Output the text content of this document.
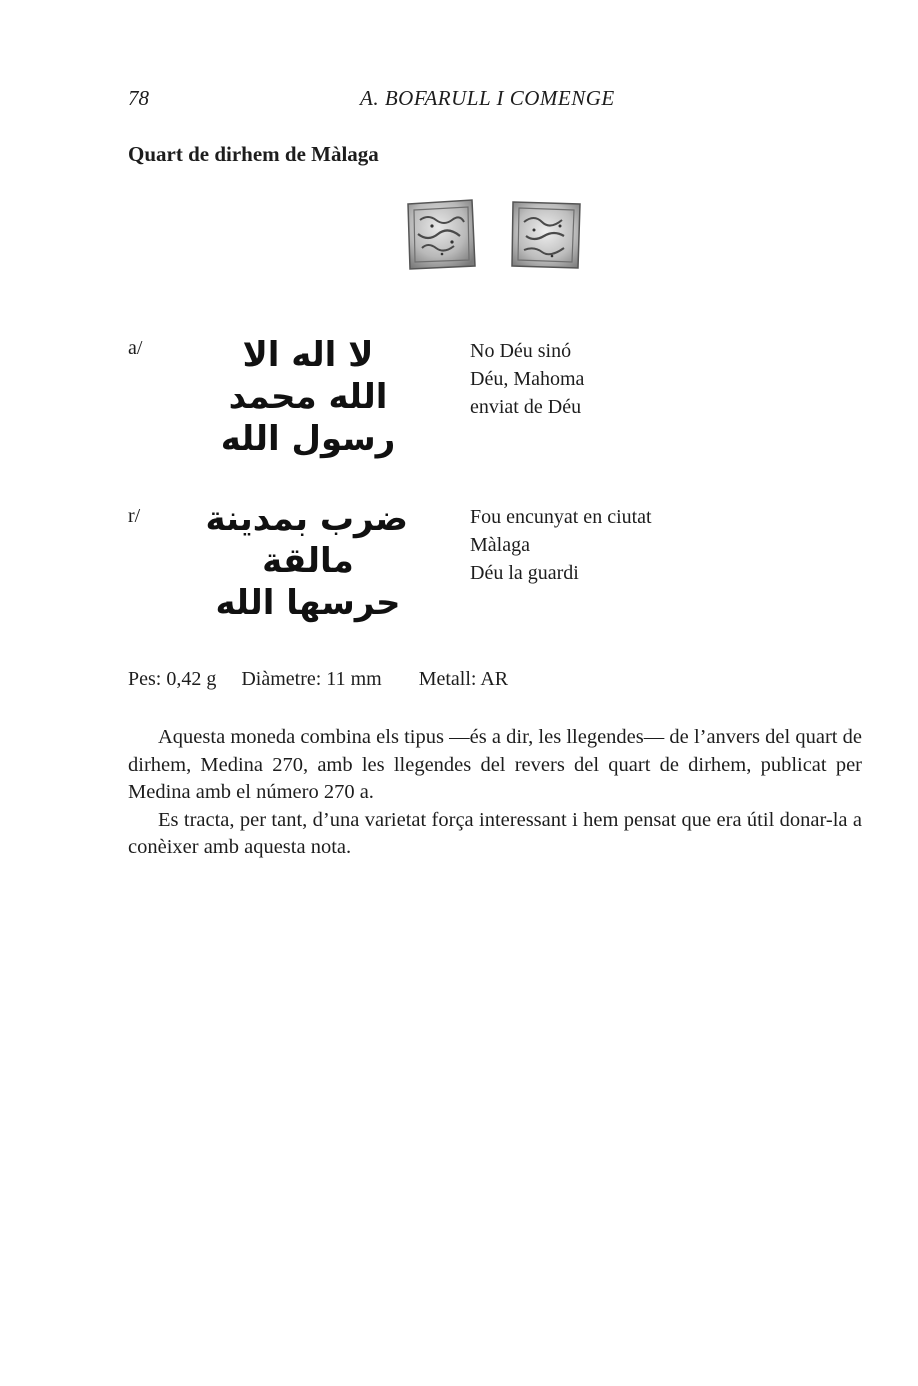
78	A. BOFARULL I COMENGE
Quart de dirhem de Màlaga
a/	لا اله الا
الله محمد
رسول الله
No Déu sinó
Déu, Mahoma
enviat de Déu
r/ ضرب بمدينة
مالقة
حرسها الله
Fou encunyat en ciutat
Màlaga
Déu la guardi
Pes: 0,42 g Diàmetre: 11 mm Metall: AR

Aquesta moneda combina els tipus —és a dir, les llegendes— de l’anvers del quart de dirhem, Medina 270, amb les llegendes del revers del quart de dirhem, publicat per Medina amb el número 270 a.

Es tracta, per tant, d’una varietat força interessant i hem pensat que era útil donar-la a conèixer amb aquesta nota.
